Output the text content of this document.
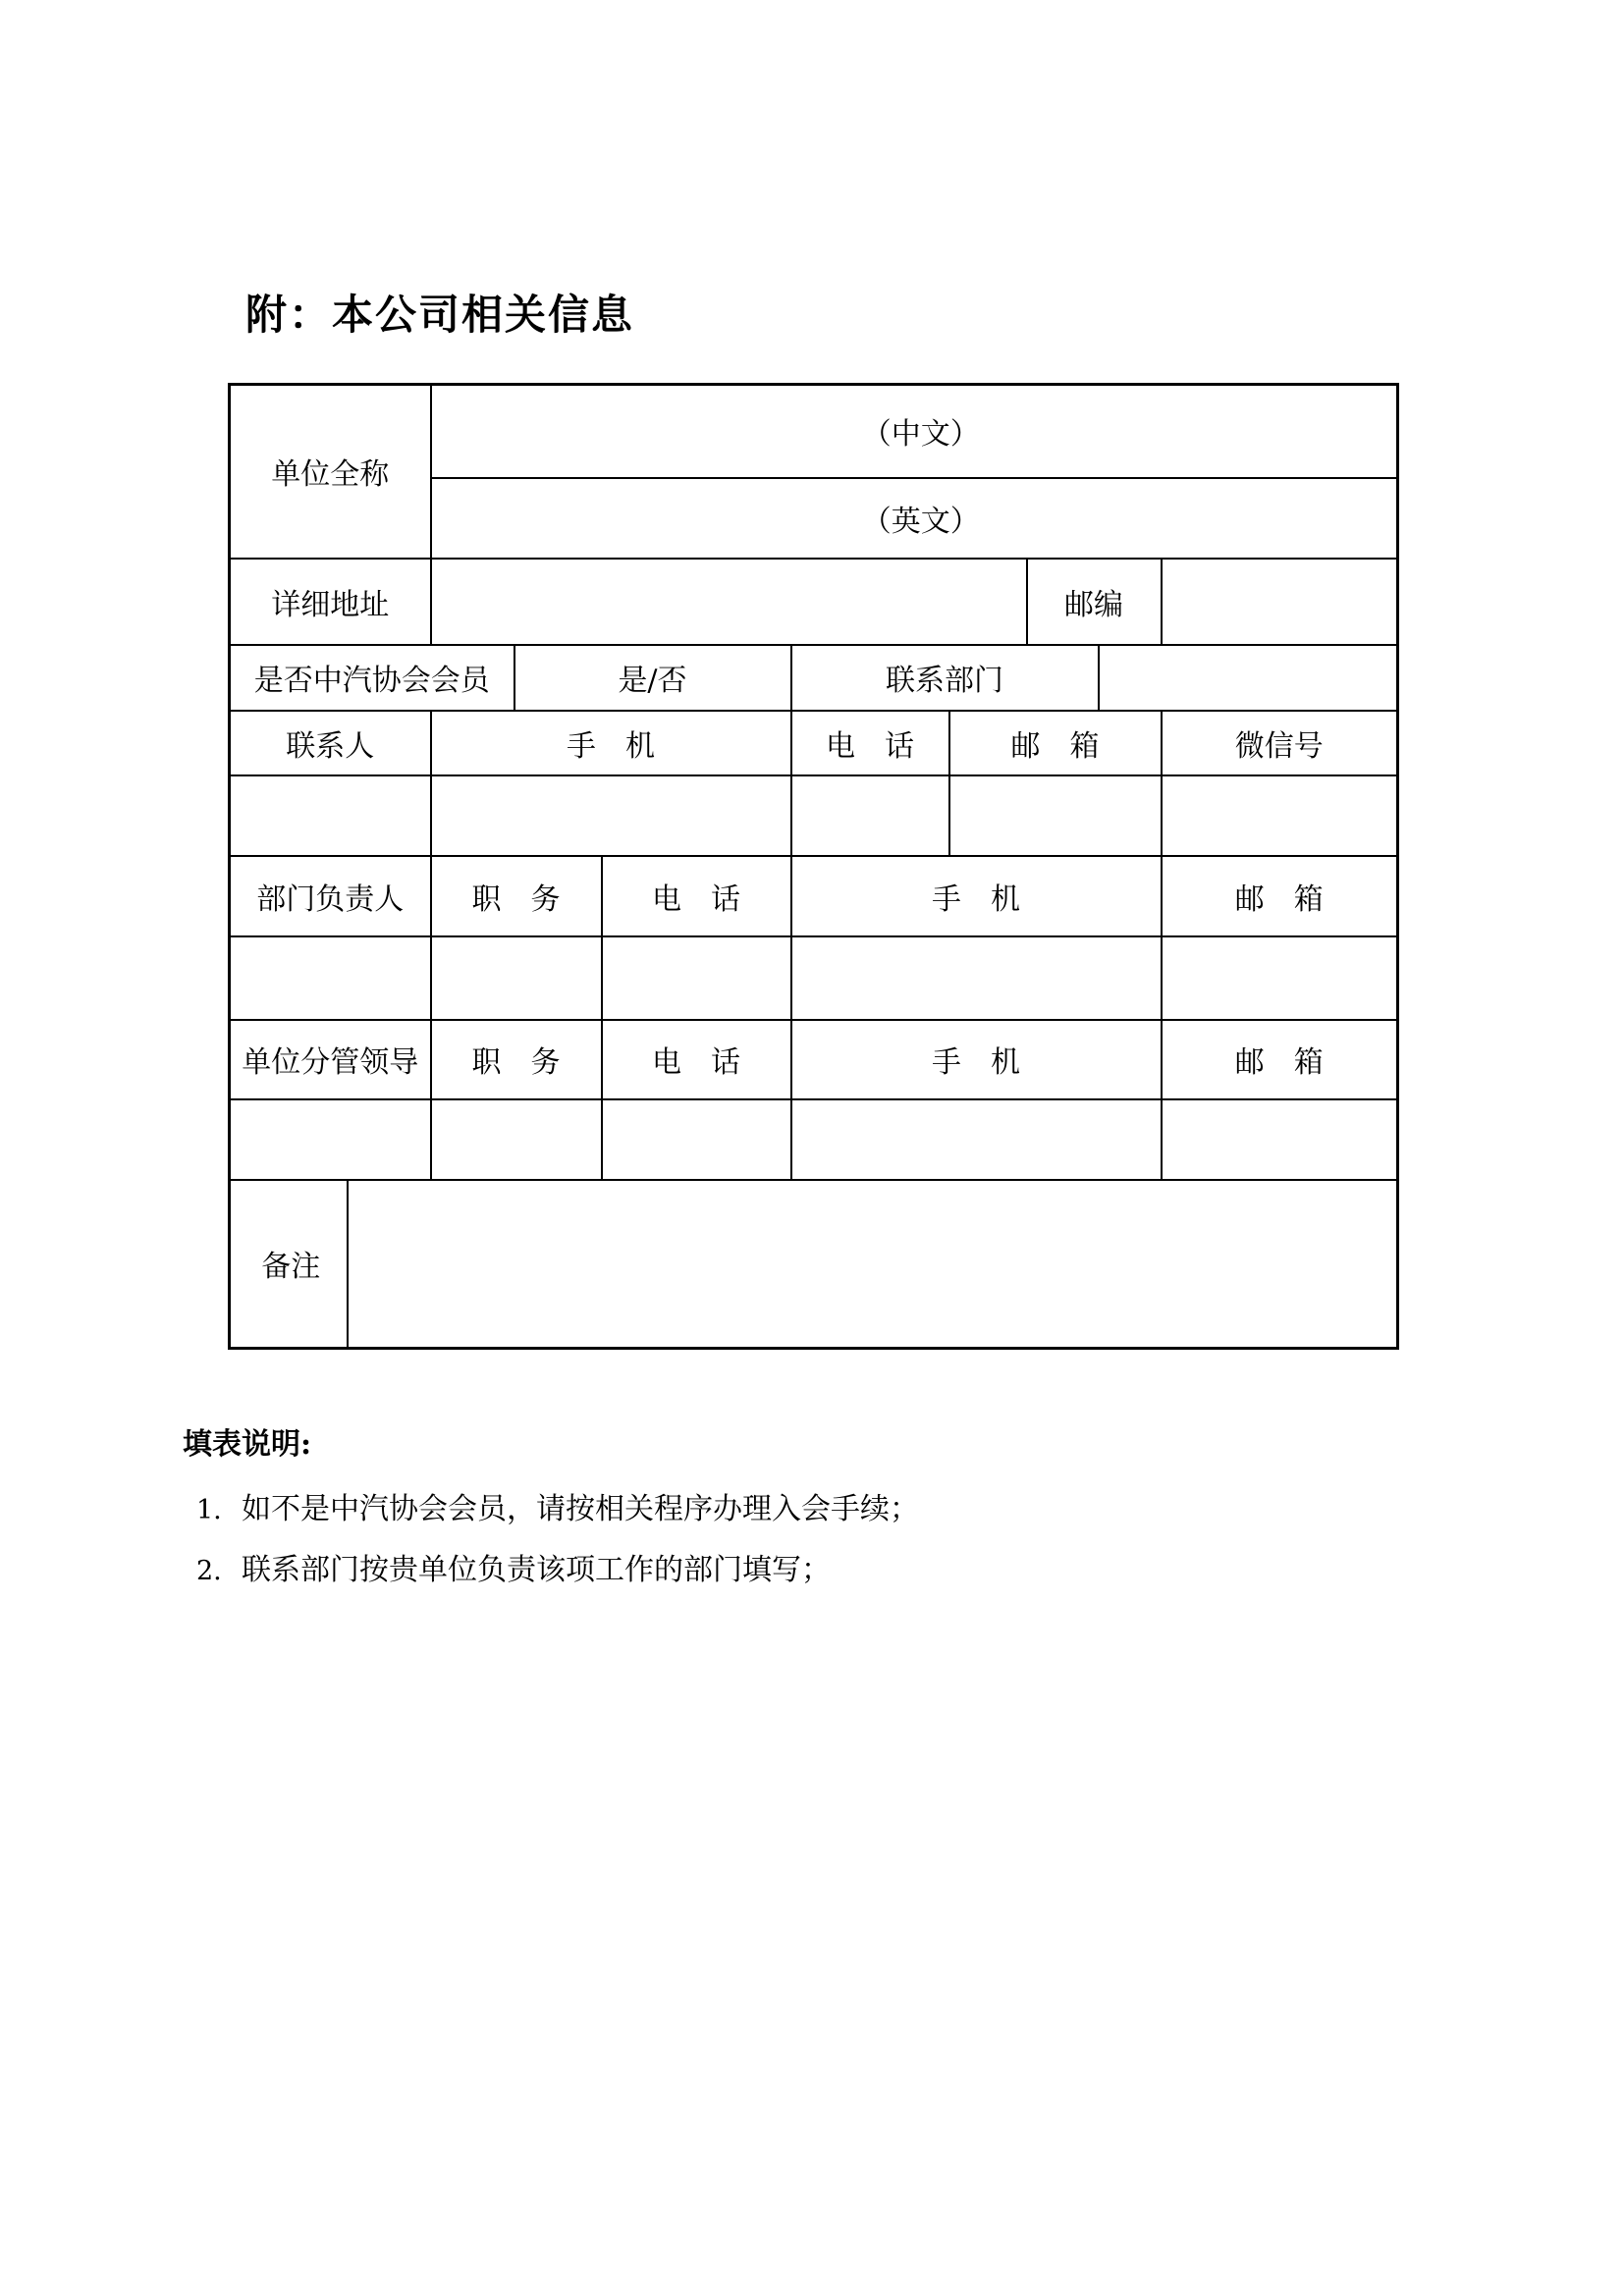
附：本公司相关信息
单位全称		（中文）							
		（英文）							
详细地址							邮编		
是否中汽协会会员			是/否		联系部门				
联系人		手　机			电　话	邮　箱			微信号

部门负责人		职　务		电　话	手　机				邮　箱

单位分管领导		职　务		电　话	手　机				邮　箱

备注									
填表说明:
1. 如不是中汽协会会员，请按相关程序办理入会手续；
2. 联系部门按贵单位负责该项工作的部门填写；
